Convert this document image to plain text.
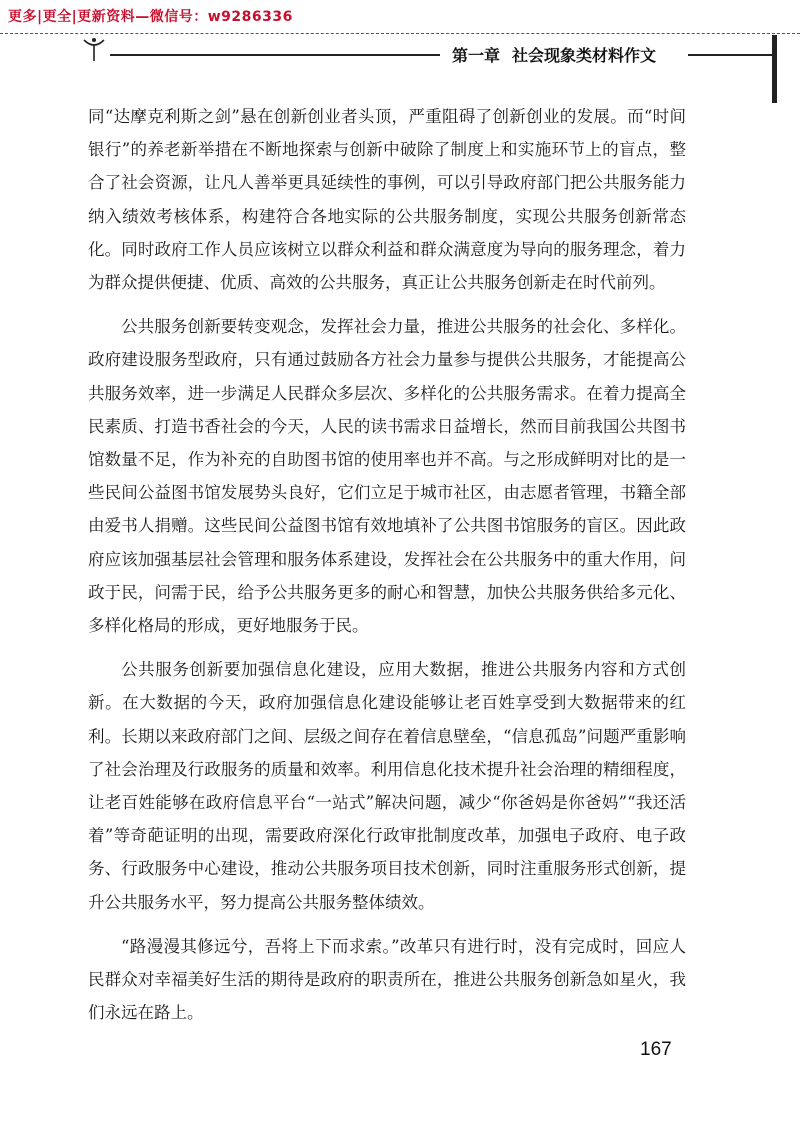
更多|更全|更新资料—微信号：w9286336
第一章 社会现象类材料作文

同“达摩克利斯之剑”悬在创新创业者头顶，严重阻碍了创新创业的发展。而“时间银行”的养老新举措在不断地探索与创新中破除了制度上和实施环节上的盲点，整合了社会资源，让凡人善举更具延续性的事例，可以引导政府部门把公共服务能力纳入绩效考核体系，构建符合各地实际的公共服务制度，实现公共服务创新常态化。同时政府工作人员应该树立以群众利益和群众满意度为导向的服务理念，着力为群众提供便捷、优质、高效的公共服务，真正让公共服务创新走在时代前列。

公共服务创新要转变观念，发挥社会力量，推进公共服务的社会化、多样化。政府建设服务型政府，只有通过鼓励各方社会力量参与提供公共服务，才能提高公共服务效率，进一步满足人民群众多层次、多样化的公共服务需求。在着力提高全民素质、打造书香社会的今天，人民的读书需求日益增长，然而目前我国公共图书馆数量不足，作为补充的自助图书馆的使用率也并不高。与之形成鲜明对比的是一些民间公益图书馆发展势头良好，它们立足于城市社区，由志愿者管理，书籍全部由爱书人捐赠。这些民间公益图书馆有效地填补了公共图书馆服务的盲区。因此政府应该加强基层社会管理和服务体系建设，发挥社会在公共服务中的重大作用，问政于民，问需于民，给予公共服务更多的耐心和智慧，加快公共服务供给多元化、多样化格局的形成，更好地服务于民。

公共服务创新要加强信息化建设，应用大数据，推进公共服务内容和方式创新。在大数据的今天，政府加强信息化建设能够让老百姓享受到大数据带来的红利。长期以来政府部门之间、层级之间存在着信息壁垒，“信息孤岛”问题严重影响了社会治理及行政服务的质量和效率。利用信息化技术提升社会治理的精细程度，让老百姓能够在政府信息平台“一站式”解决问题，减少“你爸妈是你爸妈”“我还活着”等奇葩证明的出现，需要政府深化行政审批制度改革，加强电子政府、电子政务、行政服务中心建设，推动公共服务项目技术创新，同时注重服务形式创新，提升公共服务水平，努力提高公共服务整体绩效。

“路漫漫其修远兮，吾将上下而求索。”改革只有进行时，没有完成时，回应人民群众对幸福美好生活的期待是政府的职责所在，推进公共服务创新急如星火，我们永远在路上。

167
